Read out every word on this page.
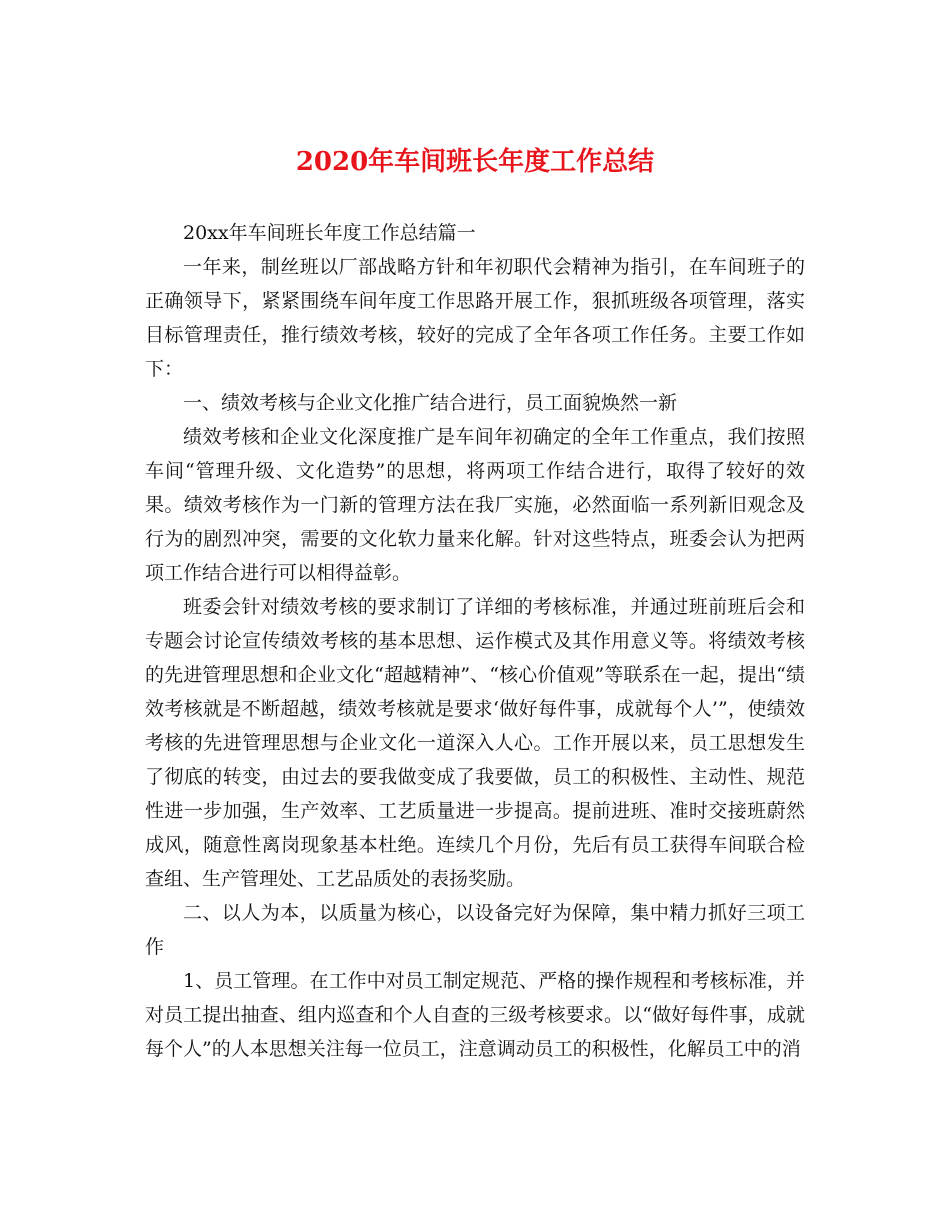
2020年车间班长年度工作总结

20xx年车间班长年度工作总结篇一

一年来，制丝班以厂部战略方针和年初职代会精神为指引，在车间班子的正确领导下，紧紧围绕车间年度工作思路开展工作，狠抓班级各项管理，落实目标管理责任，推行绩效考核，较好的完成了全年各项工作任务。主要工作如下：

一、绩效考核与企业文化推广结合进行，员工面貌焕然一新

绩效考核和企业文化深度推广是车间年初确定的全年工作重点，我们按照车间“管理升级、文化造势”的思想，将两项工作结合进行，取得了较好的效果。绩效考核作为一门新的管理方法在我厂实施，必然面临一系列新旧观念及行为的剧烈冲突，需要的文化软力量来化解。针对这些特点，班委会认为把两项工作结合进行可以相得益彰。

班委会针对绩效考核的要求制订了详细的考核标准，并通过班前班后会和专题会讨论宣传绩效考核的基本思想、运作模式及其作用意义等。将绩效考核的先进管理思想和企业文化“超越精神”、“核心价值观”等联系在一起，提出“绩效考核就是不断超越，绩效考核就是要求‘做好每件事，成就每个人’”，使绩效考核的先进管理思想与企业文化一道深入人心。工作开展以来，员工思想发生了彻底的转变，由过去的要我做变成了我要做，员工的积极性、主动性、规范性进一步加强，生产效率、工艺质量进一步提高。提前进班、准时交接班蔚然成风，随意性离岗现象基本杜绝。连续几个月份，先后有员工获得车间联合检查组、生产管理处、工艺品质处的表扬奖励。

二、以人为本，以质量为核心，以设备完好为保障，集中精力抓好三项工作

1、员工管理。在工作中对员工制定规范、严格的操作规程和考核标准，并对员工提出抽查、组内巡查和个人自查的三级考核要求。以“做好每件事，成就每个人”的人本思想关注每一位员工，注意调动员工的积极性，化解员工中的消
